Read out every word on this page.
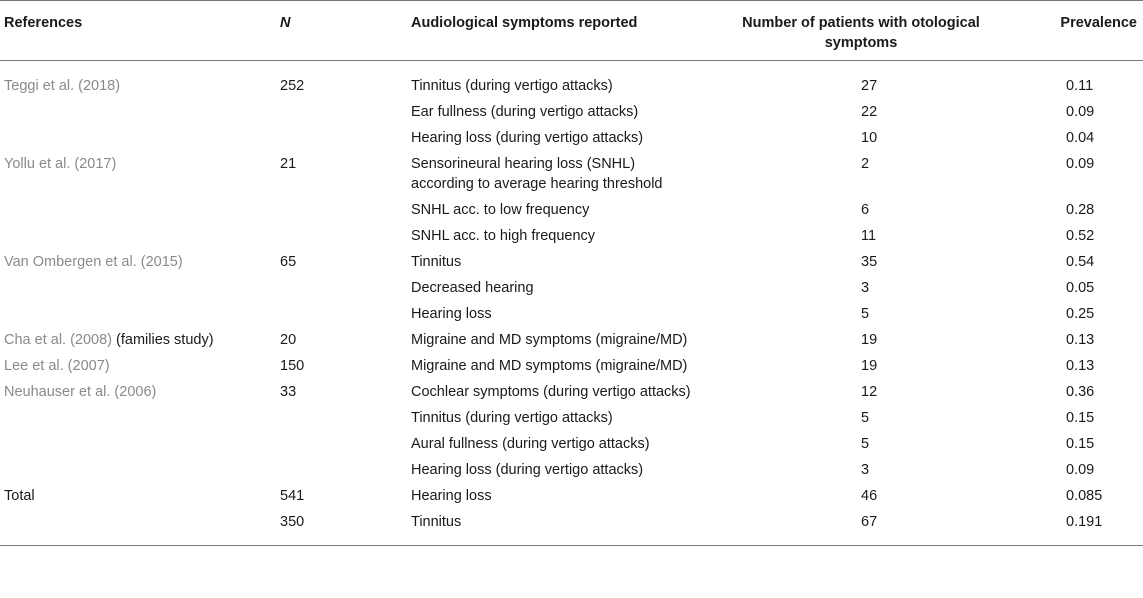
References	N	Audiological symptoms reported	Number of patients with otological symptoms	Prevalence
Teggi et al. (2018)	252	Tinnitus (during vertigo attacks)	27	0.11
		Ear fullness (during vertigo attacks)	22	0.09
		Hearing loss (during vertigo attacks)	10	0.04
Yollu et al. (2017)	21	Sensorineural hearing loss (SNHL) according to average hearing threshold	2	0.09
		SNHL acc. to low frequency	6	0.28
		SNHL acc. to high frequency	11	0.52
Van Ombergen et al. (2015)	65	Tinnitus	35	0.54
		Decreased hearing	3	0.05
		Hearing loss	5	0.25
Cha et al. (2008) (families study)	20	Migraine and MD symptoms (migraine/MD)	19	0.13
Lee et al. (2007)	150	Migraine and MD symptoms (migraine/MD)	19	0.13
Neuhauser et al. (2006)	33	Cochlear symptoms (during vertigo attacks)	12	0.36
		Tinnitus (during vertigo attacks)	5	0.15
		Aural fullness (during vertigo attacks)	5	0.15
		Hearing loss (during vertigo attacks)	3	0.09
Total	541	Hearing loss	46	0.085
	350	Tinnitus	67	0.191
